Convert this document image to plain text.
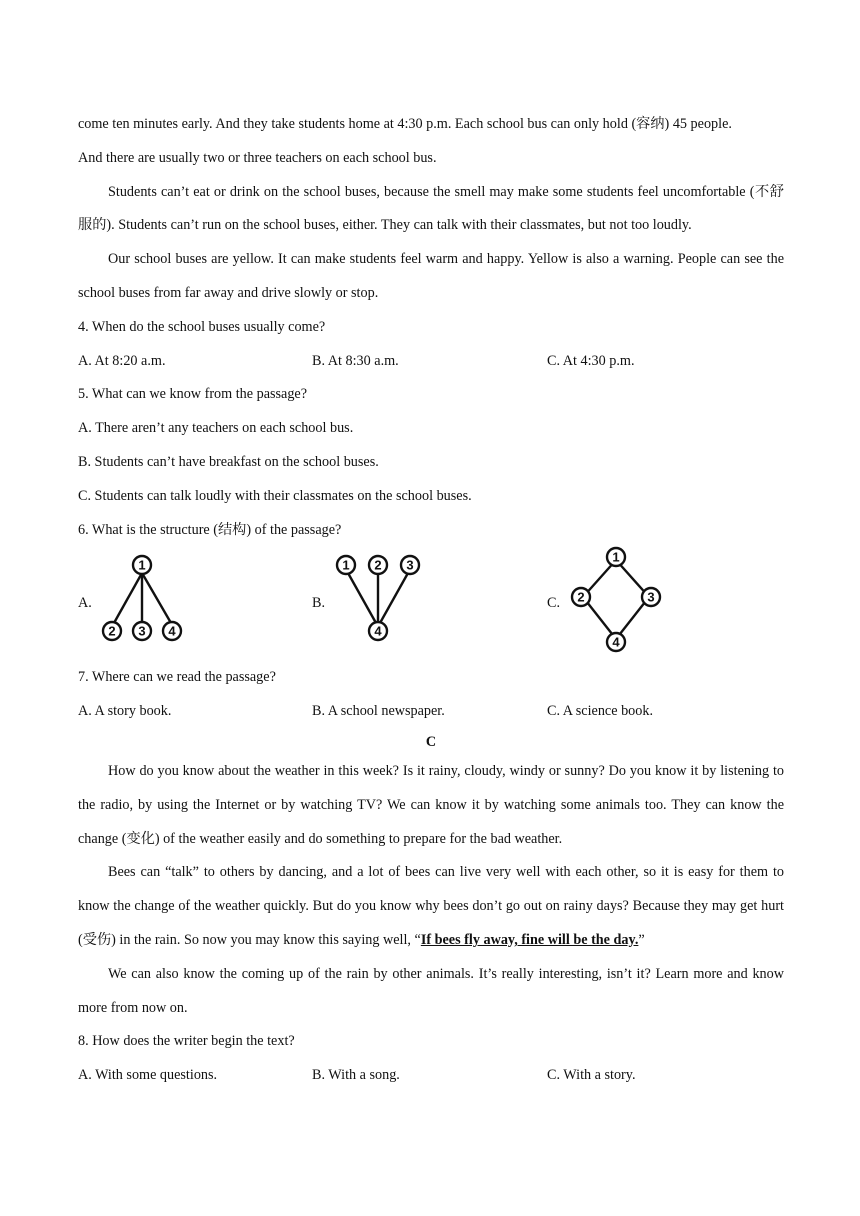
come ten minutes early. And they take students home at 4:30 p.m. Each school bus can only hold (容纳) 45 people.

And there are usually two or three teachers on each school bus.

Students can’t eat or drink on the school buses, because the smell may make some students feel uncomfortable (不舒服的). Students can’t run on the school buses, either. They can talk with their classmates, but not too loudly.

Our school buses are yellow. It can make students feel warm and happy. Yellow is also a warning. People can see the school buses from far away and drive slowly or stop.

4. When do the school buses usually come?

A. At 8:20 a.m.	B. At 8:30 a.m.	C. At 4:30 p.m.

5. What can we know from the passage?

A. There aren’t any teachers on each school bus.

B. Students can’t have breakfast on the school buses.

C. Students can talk loudly with their classmates on the school buses.

6. What is the structure (结构) of the passage?

A.
1
2 3 4
B.
1 2 3
4
C.
1
2	3
4

7. Where can we read the passage?

A. A story book.	B. A school newspaper.	C. A science book.

C

How do you know about the weather in this week? Is it rainy, cloudy, windy or sunny? Do you know it by listening to the radio, by using the Internet or by watching TV? We can know it by watching some animals too. They can know the change (变化) of the weather easily and do something to prepare for the bad weather.

Bees can “talk” to others by dancing, and a lot of bees can live very well with each other, so it is easy for them to know the change of the weather quickly. But do you know why bees don’t go out on rainy days? Because they may get hurt (受伤) in the rain. So now you may know this saying well, “If bees fly away, fine will be the day.”

We can also know the coming up of the rain by other animals. It’s really interesting, isn’t it? Learn more and know more from now on.

8. How does the writer begin the text?

A. With some questions.	B. With a song.	C. With a story.
